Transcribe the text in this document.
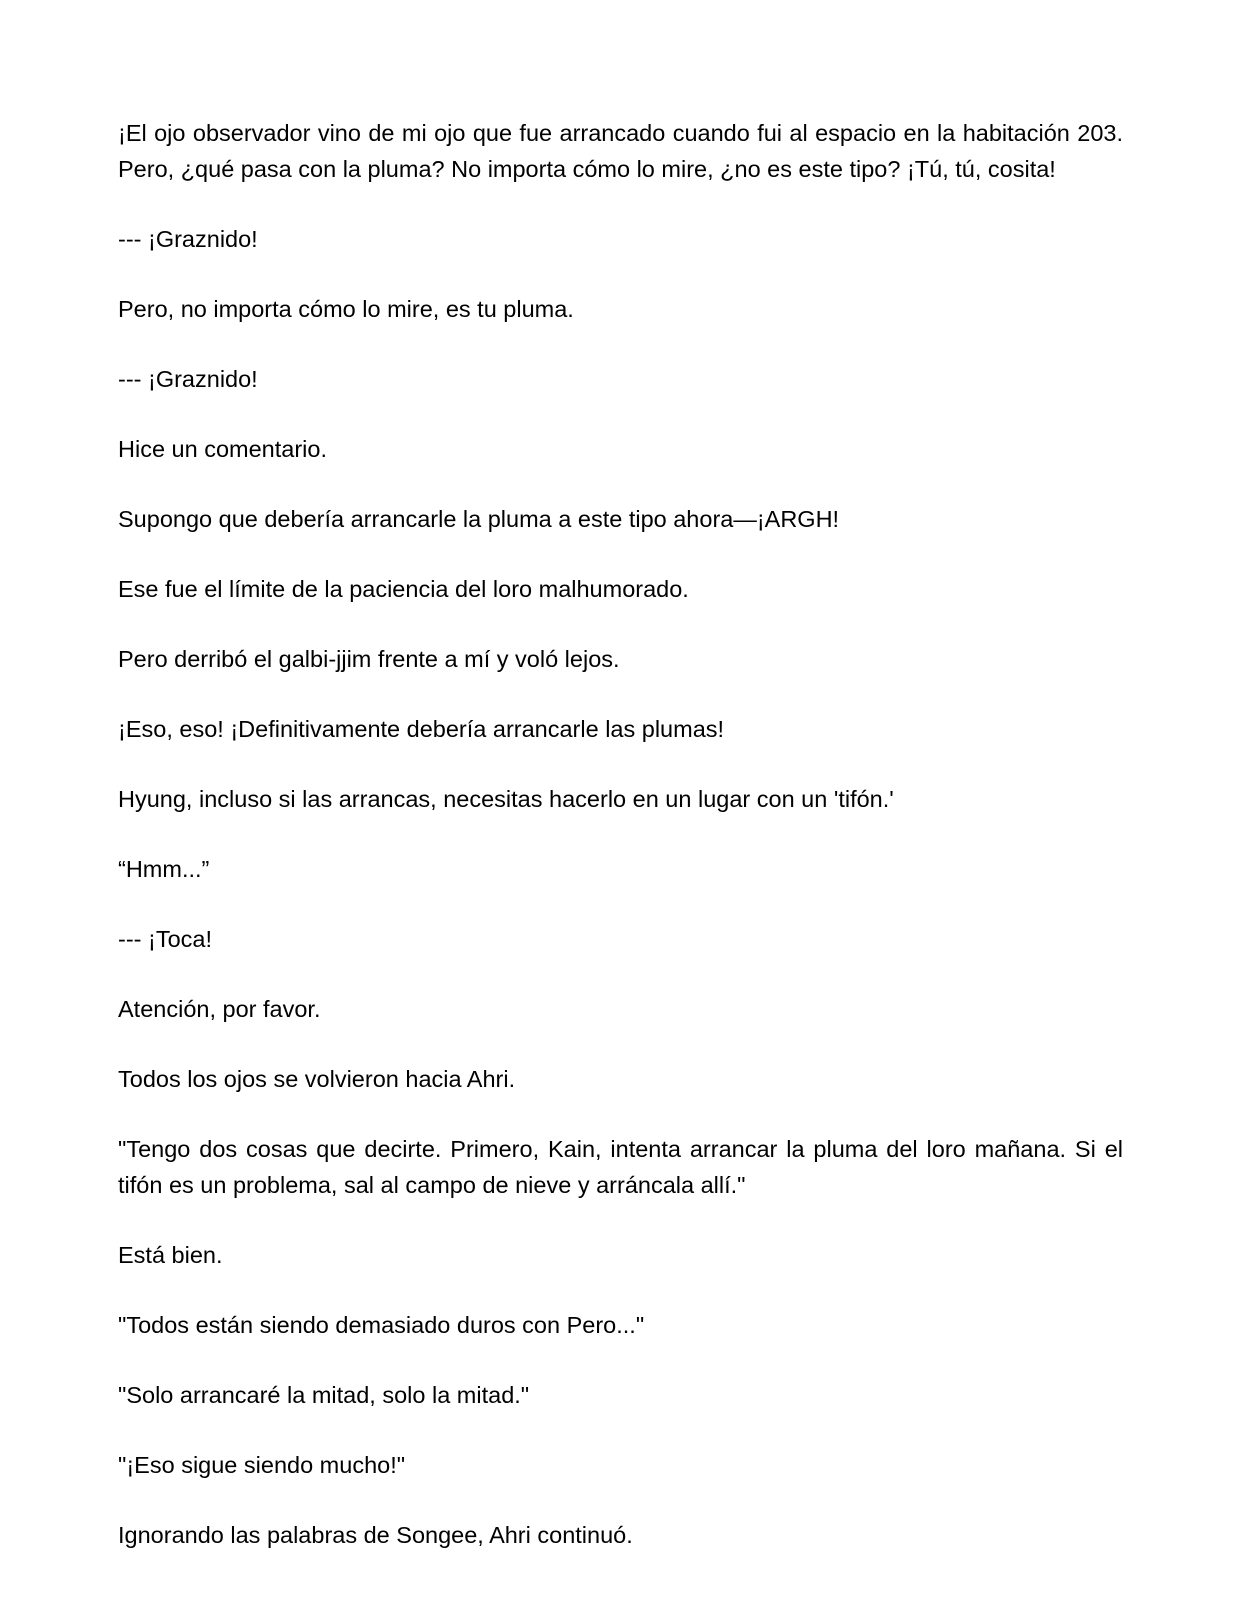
¡El ojo observador vino de mi ojo que fue arrancado cuando fui al espacio en la habitación 203. Pero, ¿qué pasa con la pluma? No importa cómo lo mire, ¿no es este tipo? ¡Tú, tú, cosita!

--- ¡Graznido!

Pero, no importa cómo lo mire, es tu pluma.

--- ¡Graznido!

Hice un comentario.

Supongo que debería arrancarle la pluma a este tipo ahora—¡ARGH!

Ese fue el límite de la paciencia del loro malhumorado.

Pero derribó el galbi-jjim frente a mí y voló lejos.

¡Eso, eso! ¡Definitivamente debería arrancarle las plumas!

Hyung, incluso si las arrancas, necesitas hacerlo en un lugar con un 'tifón.'

“Hmm...”

--- ¡Toca!

Atención, por favor.

Todos los ojos se volvieron hacia Ahri.

"Tengo dos cosas que decirte. Primero, Kain, intenta arrancar la pluma del loro mañana. Si el tifón es un problema, sal al campo de nieve y arráncala allí."

Está bien.

"Todos están siendo demasiado duros con Pero..."

"Solo arrancaré la mitad, solo la mitad."

"¡Eso sigue siendo mucho!"

Ignorando las palabras de Songee, Ahri continuó.
